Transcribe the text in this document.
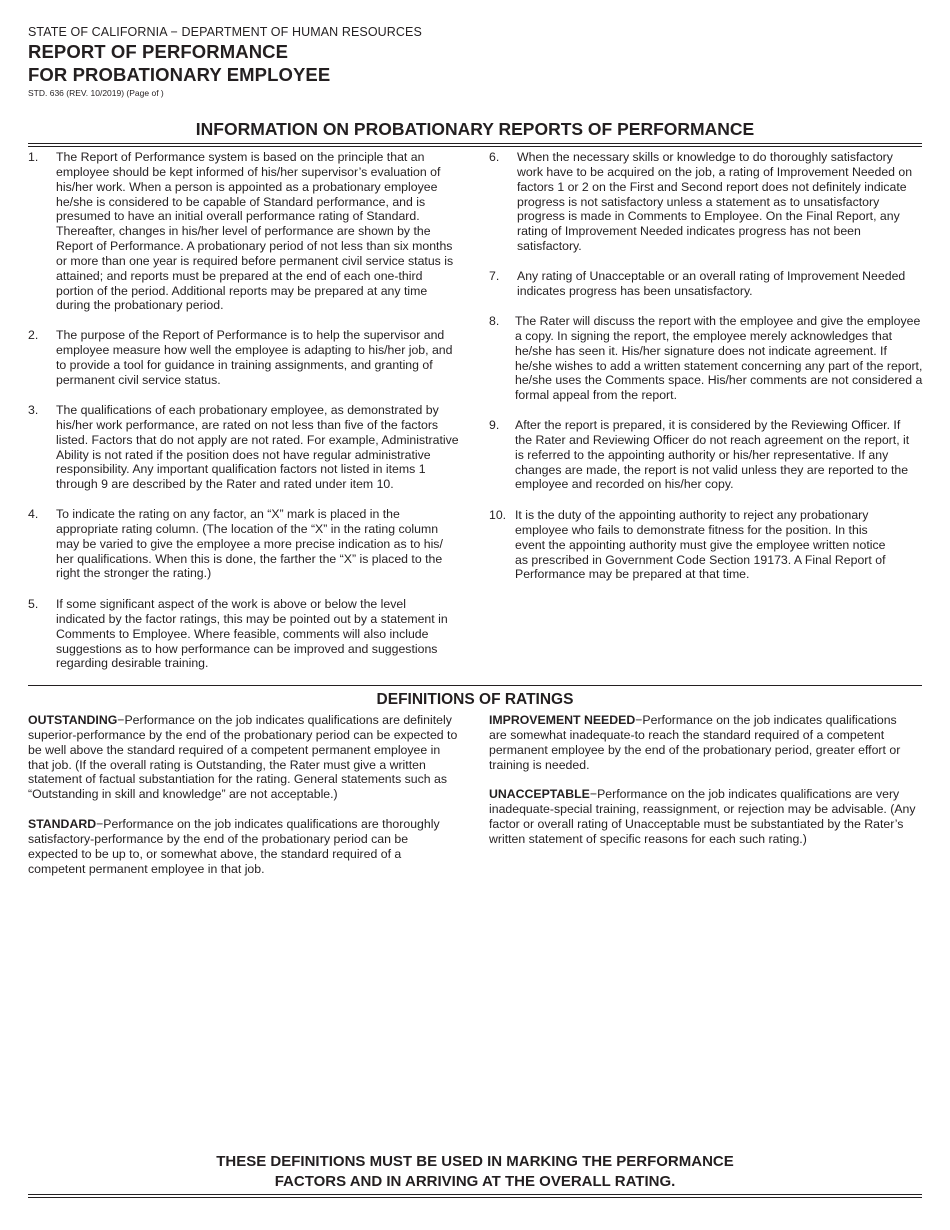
STATE OF CALIFORNIA − DEPARTMENT OF HUMAN RESOURCES
REPORT OF PERFORMANCE
FOR PROBATIONARY EMPLOYEE
STD. 636 (REV. 10/2019) (Page of )
INFORMATION ON PROBATIONARY REPORTS OF PERFORMANCE
1. The Report of Performance system is based on the principle that an employee should be kept informed of his/her supervisor’s evaluation of his/her work. When a person is appointed as a probationary employee he/she is considered to be capable of Standard performance, and is presumed to have an initial overall performance rating of Standard. Thereafter, changes in his/her level of performance are shown by the Report of Performance. A probationary period of not less than six months or more than one year is required before permanent civil service status is attained; and reports must be prepared at the end of each one-third portion of the period. Additional reports may be prepared at any time during the probationary period.
2. The purpose of the Report of Performance is to help the supervisor and employee measure how well the employee is adapting to his/her job, and to provide a tool for guidance in training assignments, and granting of permanent civil service status.
3. The qualifications of each probationary employee, as demonstrated by his/her work performance, are rated on not less than five of the factors listed. Factors that do not apply are not rated. For example, Administrative Ability is not rated if the position does not have regular administrative responsibility. Any important qualification factors not listed in items 1 through 9 are described by the Rater and rated under item 10.
4. To indicate the rating on any factor, an “X” mark is placed in the appropriate rating column. (The location of the “X” in the rating column may be varied to give the employee a more precise indication as to his/ her qualifications. When this is done, the farther the “X” is placed to the right the stronger the rating.)
5. If some significant aspect of the work is above or below the level indicated by the factor ratings, this may be pointed out by a statement in Comments to Employee. Where feasible, comments will also include suggestions as to how performance can be improved and suggestions regarding desirable training.
6. When the necessary skills or knowledge to do thoroughly satisfactory work have to be acquired on the job, a rating of Improvement Needed on factors 1 or 2 on the First and Second report does not definitely indicate progress is not satisfactory unless a statement as to unsatisfactory progress is made in Comments to Employee. On the Final Report, any rating of Improvement Needed indicates progress has not been satisfactory.
7. Any rating of Unacceptable or an overall rating of Improvement Needed indicates progress has been unsatisfactory.
8. The Rater will discuss the report with the employee and give the employee a copy. In signing the report, the employee merely acknowledges that he/she has seen it. His/her signature does not indicate agreement. If he/she wishes to add a written statement concerning any part of the report, he/she uses the Comments space. His/her comments are not considered a formal appeal from the report.
9. After the report is prepared, it is considered by the Reviewing Officer. If the Rater and Reviewing Officer do not reach agreement on the report, it is referred to the appointing authority or his/her representative. If any changes are made, the report is not valid unless they are reported to the employee and recorded on his/her copy.
10. It is the duty of the appointing authority to reject any probationary employee who fails to demonstrate fitness for the position. In this event the appointing authority must give the employee written notice as prescribed in Government Code Section 19173. A Final Report of Performance may be prepared at that time.
DEFINITIONS OF RATINGS
OUTSTANDING−Performance on the job indicates qualifications are definitely superior-performance by the end of the probationary period can be expected to be well above the standard required of a competent permanent employee in that job. (If the overall rating is Outstanding, the Rater must give a written statement of factual substantiation for the rating. General statements such as “Outstanding in skill and knowledge” are not acceptable.)
STANDARD−Performance on the job indicates qualifications are thoroughly satisfactory-performance by the end of the probationary period can be expected to be up to, or somewhat above, the standard required of a competent permanent employee in that job.
IMPROVEMENT NEEDED−Performance on the job indicates qualifications are somewhat inadequate-to reach the standard required of a competent permanent employee by the end of the probationary period, greater effort or training is needed.
UNACCEPTABLE−Performance on the job indicates qualifications are very inadequate-special training, reassignment, or rejection may be advisable. (Any factor or overall rating of Unacceptable must be substantiated by the Rater’s written statement of specific reasons for each such rating.)
THESE DEFINITIONS MUST BE USED IN MARKING THE PERFORMANCE
FACTORS AND IN ARRIVING AT THE OVERALL RATING.
